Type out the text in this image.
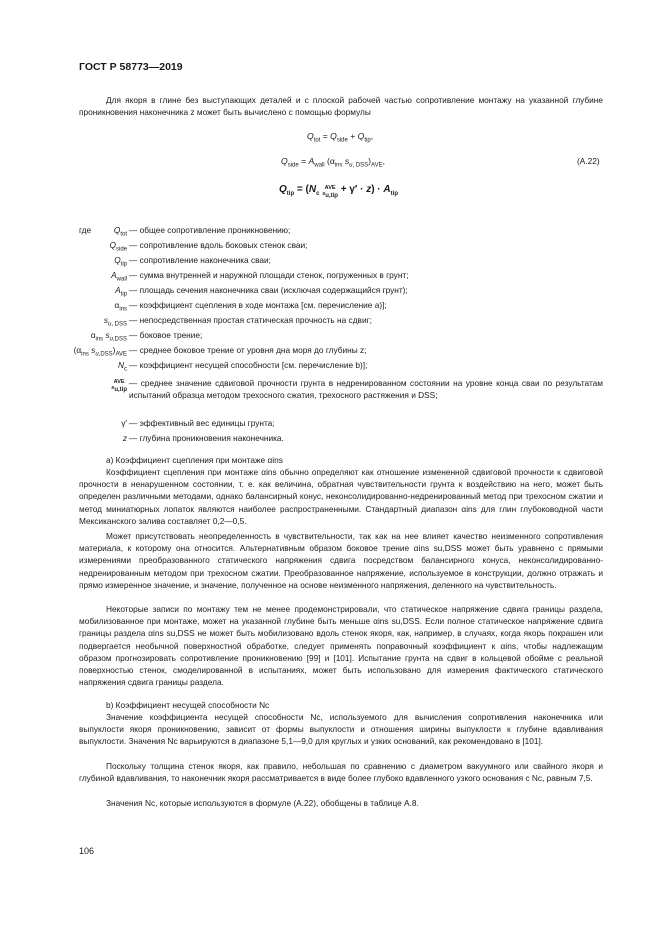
ГОСТ Р 58773—2019

Для якоря в глине без выступающих деталей и с плоской рабочей частью сопротивление монтажу на указанной глубине проникновения наконечника z может быть вычислено с помощью формулы

$Q_{tot} = Q_{side} + Q_{tip}$,
$Q_{side} = A_{wall}$ ($\alpha_{ins}$ $s_{u, DSS})_{AVE}$,	(A.22)
$Q_{tip} = (N_c$ AVE
$s_{u,tip} + \gamma' \cdot z) \cdot A_{tip}$
где	$Q_{tot}$ — общее сопротивление проникновению;
$Q_{side}$ — сопротивление вдоль боковых стенок сваи;
$Q_{tip}$ — сопротивление наконечника сваи;
$A_{wall}$ — сумма внутренней и наружной площади стенок, погруженных в грунт;
$A_{tip}$ — площадь сечения наконечника сваи (исключая содержащийся грунт);
$\alpha_{ins}$ — коэффициент сцепления в ходе монтажа [см. перечисление а)];
$s_{u, DSS}$ — непосредственная простая статическая прочность на сдвиг;
$\alpha_{ins}$ $s_{u,DSS}$ — боковое трение;
($\alpha_{ins}$ $s_{u,DSS})_{AVE}$ — среднее боковое трение от уровня дна моря до глубины z;
$N_c$ — коэффициент несущей способности [см. перечисление b)];
AVE
$s_{u,tip}$
— среднее значение сдвиговой прочности грунта в недренированном состоянии на уровне конца сваи по результатам испытаний образца методом трехосного сжатия, трехосного растяжения и DSS;
γ′ — эффективный вес единицы грунта;
z — глубина проникновения наконечника.

а) Коэффициент сцепления при монтаже αins

Коэффициент сцепления при монтаже αins обычно определяют как отношение измененной сдвиговой прочности к сдвиговой прочности в ненарушенном состоянии, т. е. как величина, обратная чувствительности грунта к воздействию на него, может быть определен различными методами, однако балансирный конус, неконсолидированно-недренированный метод при трехосном сжатии и метод миниатюрных лопаток являются наиболее распространенными. Стандартный диапазон αins для глин глубоководной части Мексиканского залива составляет 0,2—0,5.

Может присутствовать неопределенность в чувствительности, так как на нее влияет качество неизменного сопротивления материала, к которому она относится. Альтернативным образом боковое трение αins su,DSS может быть уравнено с прямыми измерениями преобразованного статического напряжения сдвига посредством балансирного конуса, неконсолидированно-недренированным методом при трехосном сжатии. Преобразованное напряжение, используемое в конструкции, должно отражать и прямо измеренное значение, и значение, полученное на основе неизменного напряжения, деленного на чувствительность.

Некоторые записи по монтажу тем не менее продемонстрировали, что статическое напряжение сдвига границы раздела, мобилизованное при монтаже, может на указанной глубине быть меньше αins su,DSS. Если полное статическое напряжение сдвига границы раздела αins su,DSS не может быть мобилизовано вдоль стенок якоря, как, например, в случаях, когда якорь покрашен или подвергается необычной поверхностной обработке, следует применять поправочный коэффициент к αins, чтобы надлежащим образом прогнозировать сопротивление проникновению [99] и [101]. Испытание грунта на сдвиг в кольцевой обойме с реальной поверхностью стенок, смоделированной в испытаниях, может быть использовано для измерения фактического статического напряжения сдвига границы раздела.

b) Коэффициент несущей способности Nc

Значение коэффициента несущей способности Nc, используемого для вычисления сопротивления наконечника или выпуклости якоря проникновению, зависит от формы выпуклости и отношения ширины выпуклости к глубине вдавливания выпуклости. Значения Nc варьируются в диапазоне 5,1—9,0 для круглых и узких оснований, как рекомендовано в [101].

Поскольку толщина стенок якоря, как правило, небольшая по сравнению с диаметром вакуумного или свайного якоря и глубиной вдавливания, то наконечник якоря рассматривается в виде более глубоко вдавленного узкого основания с Nc, равным 7,5.

Значения Nc, которые используются в формуле (А.22), обобщены в таблице А.8.

106
